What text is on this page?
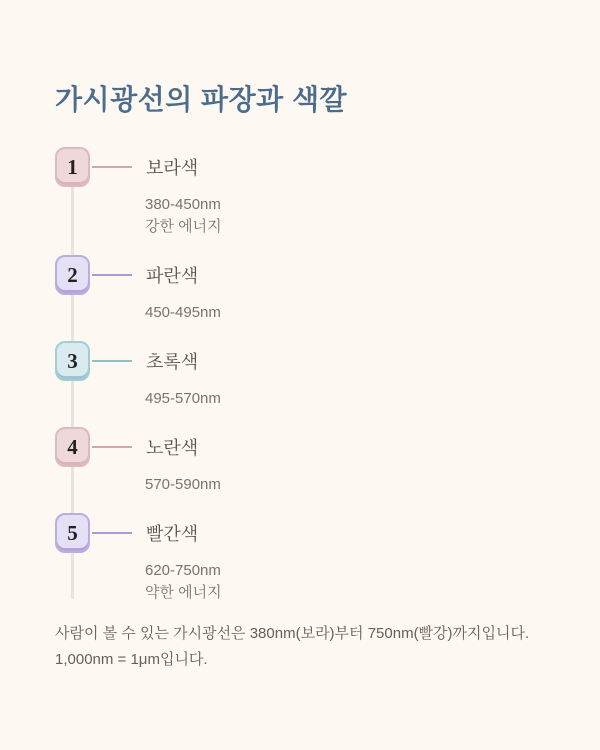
가시광선의 파장과 색깔
1	보라색
380-450nm
강한 에너지
2	파란색
450-495nm
3	초록색
495-570nm
4	노란색
570-590nm
5	빨간색
620-750nm
약한 에너지
사람이 볼 수 있는 가시광선은 380nm(보라)부터 750nm(빨강)까지입니다.
1,000nm = 1μm입니다.
